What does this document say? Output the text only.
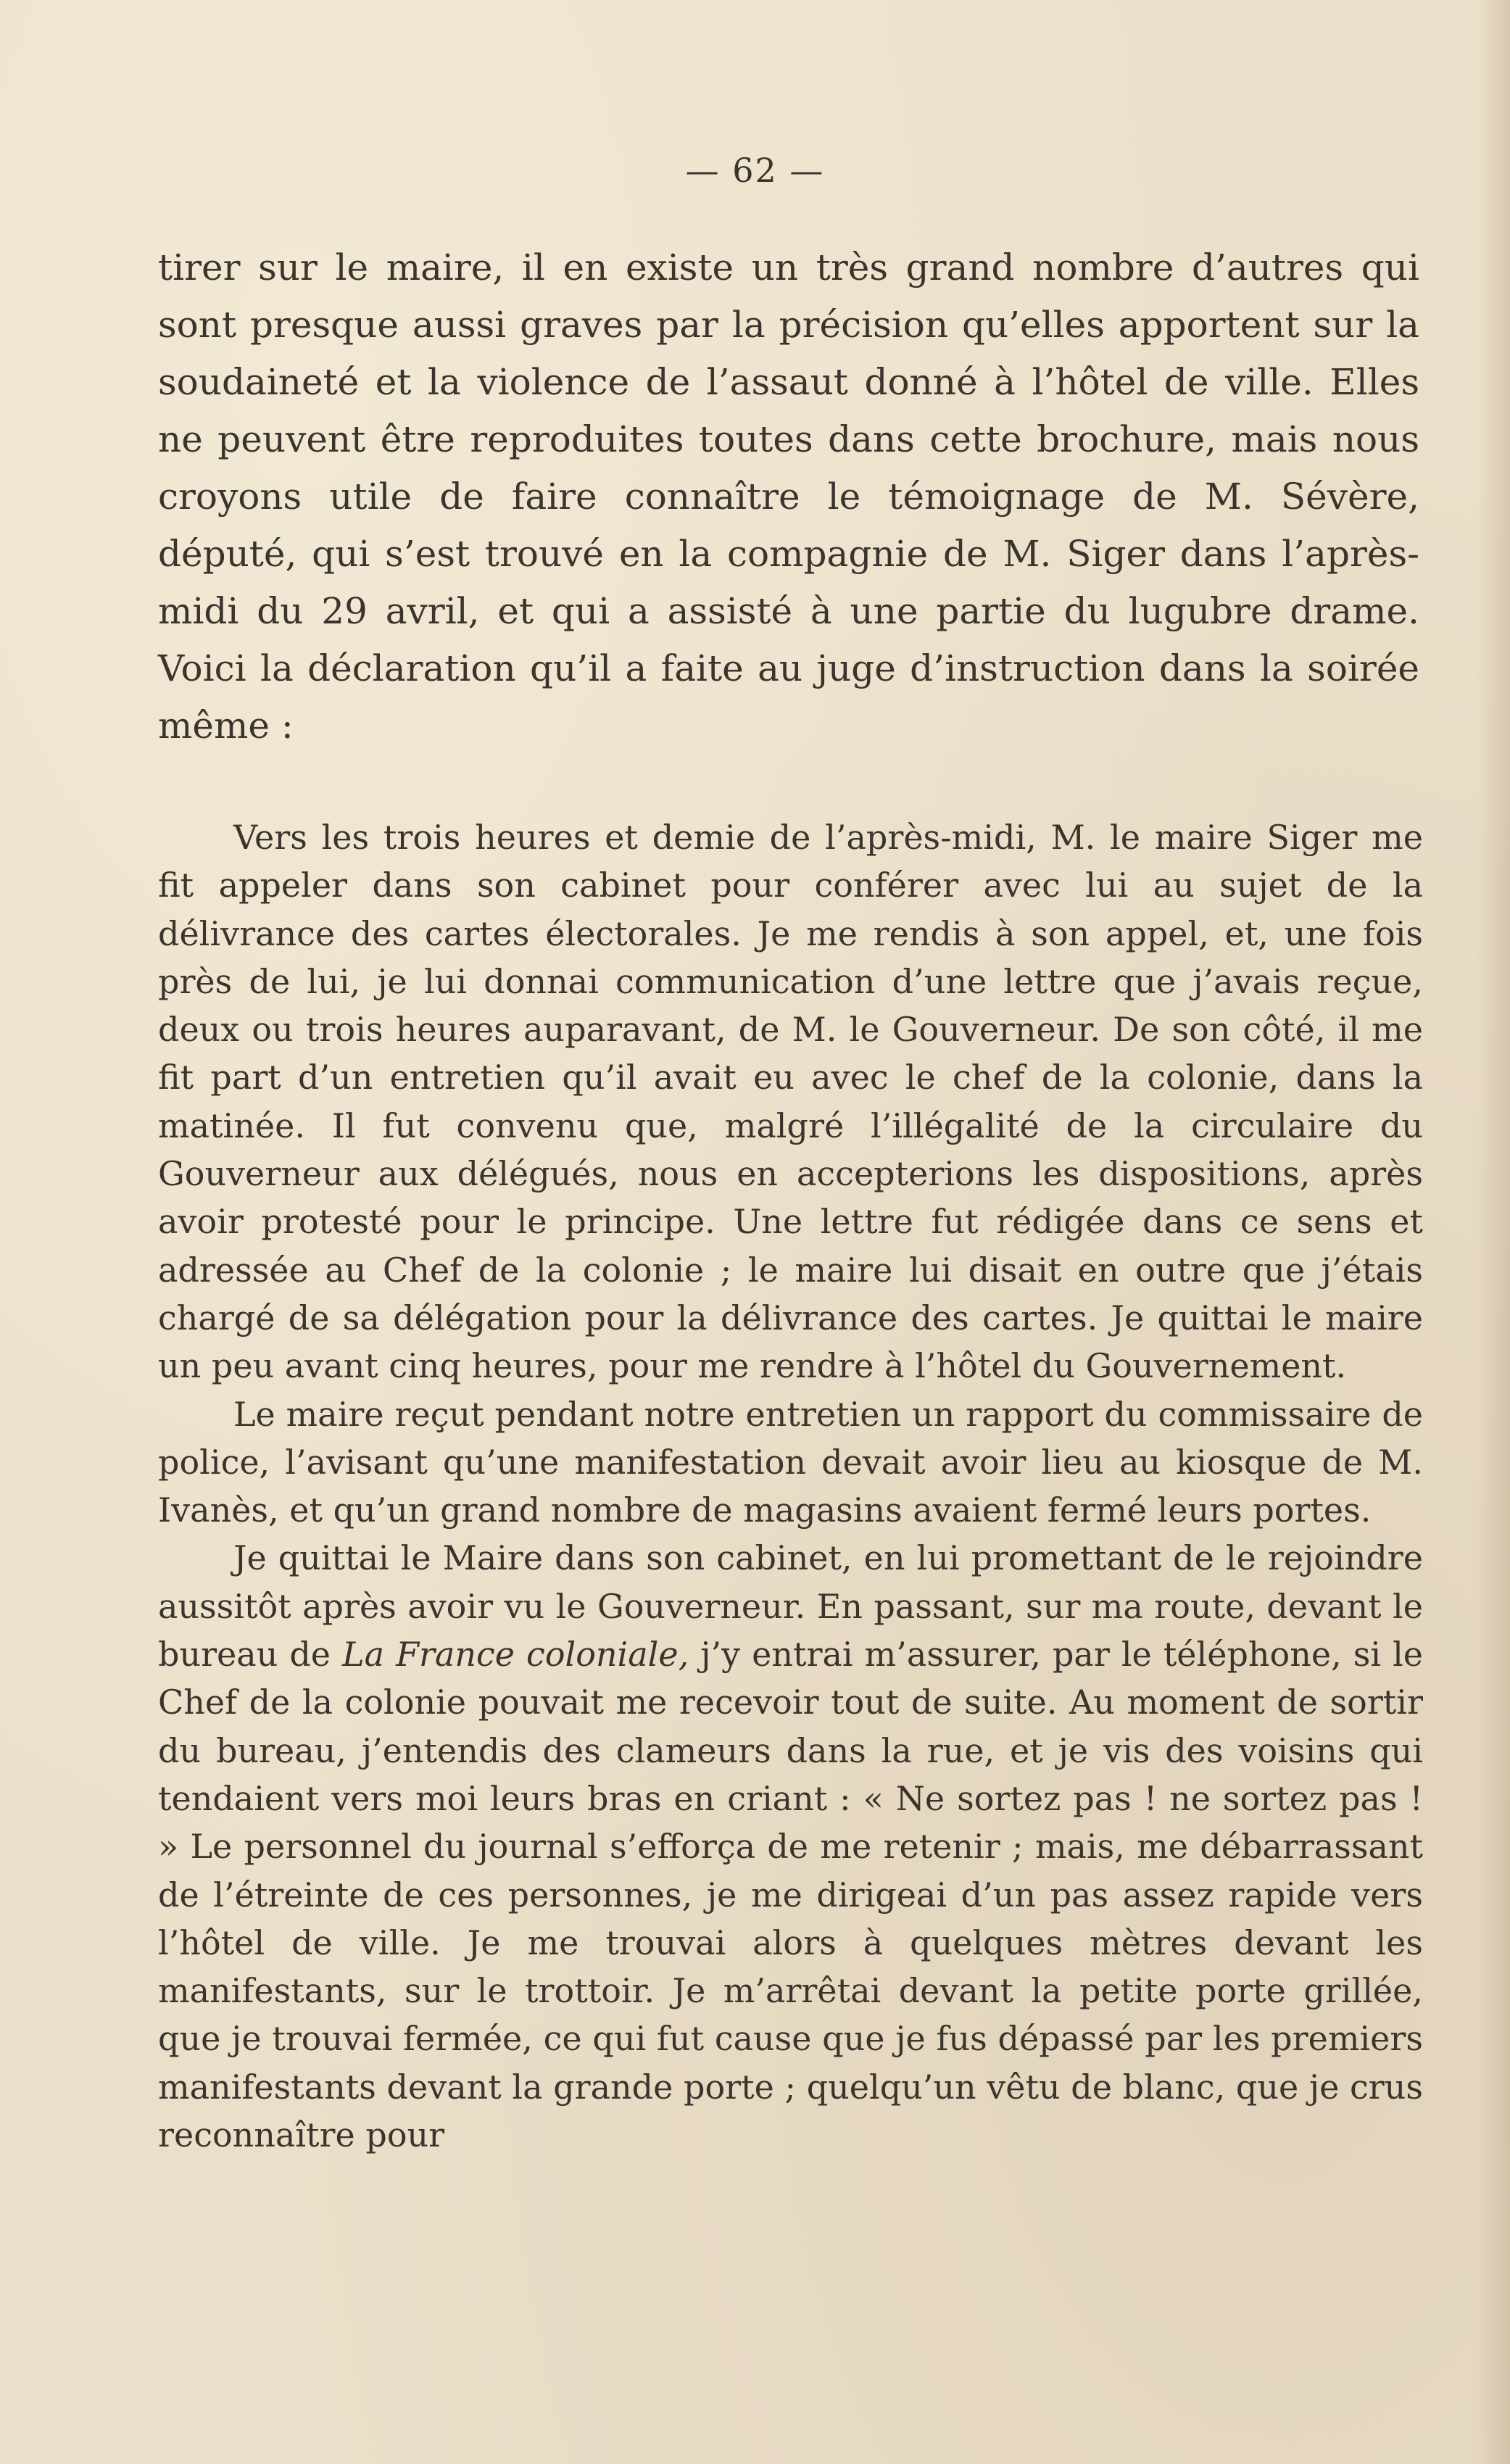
— 62 —

tirer sur le maire, il en existe un très grand nombre d’autres qui sont presque aussi graves par la précision qu’elles apportent sur la soudaineté et la violence de l’assaut donné à l’hôtel de ville. Elles ne peuvent être reproduites toutes dans cette brochure, mais nous croyons utile de faire connaître le témoignage de M. Sévère, député, qui s’est trouvé en la compagnie de M. Siger dans l’après-midi du 29 avril, et qui a assisté à une partie du lugubre drame. Voici la déclaration qu’il a faite au juge d’instruction dans la soirée même :

Vers les trois heures et demie de l’après-midi, M. le maire Siger me fit appeler dans son cabinet pour conférer avec lui au sujet de la délivrance des cartes électorales. Je me rendis à son appel, et, une fois près de lui, je lui donnai communication d’une lettre que j’avais reçue, deux ou trois heures auparavant, de M. le Gouverneur. De son côté, il me fit part d’un entretien qu’il avait eu avec le chef de la colonie, dans la matinée. Il fut convenu que, malgré l’illégalité de la circulaire du Gouverneur aux délégués, nous en accepterions les dispositions, après avoir protesté pour le principe. Une lettre fut rédigée dans ce sens et adressée au Chef de la colonie ; le maire lui disait en outre que j’étais chargé de sa délégation pour la délivrance des cartes. Je quittai le maire un peu avant cinq heures, pour me rendre à l’hôtel du Gouvernement.

Le maire reçut pendant notre entretien un rapport du commissaire de police, l’avisant qu’une manifestation devait avoir lieu au kiosque de M. Ivanès, et qu’un grand nombre de magasins avaient fermé leurs portes.

Je quittai le Maire dans son cabinet, en lui promettant de le rejoindre aussitôt après avoir vu le Gouverneur. En passant, sur ma route, devant le bureau de La France coloniale, j’y entrai m’assurer, par le téléphone, si le Chef de la colonie pouvait me recevoir tout de suite. Au moment de sortir du bureau, j’entendis des clameurs dans la rue, et je vis des voisins qui tendaient vers moi leurs bras en criant : « Ne sortez pas ! ne sortez pas ! » Le personnel du journal s’efforça de me retenir ; mais, me débarrassant de l’étreinte de ces personnes, je me dirigeai d’un pas assez rapide vers l’hôtel de ville. Je me trouvai alors à quelques mètres devant les manifestants, sur le trottoir. Je m’arrêtai devant la petite porte grillée, que je trouvai fermée, ce qui fut cause que je fus dépassé par les premiers manifestants devant la grande porte ; quelqu’un vêtu de blanc, que je crus reconnaître pour
